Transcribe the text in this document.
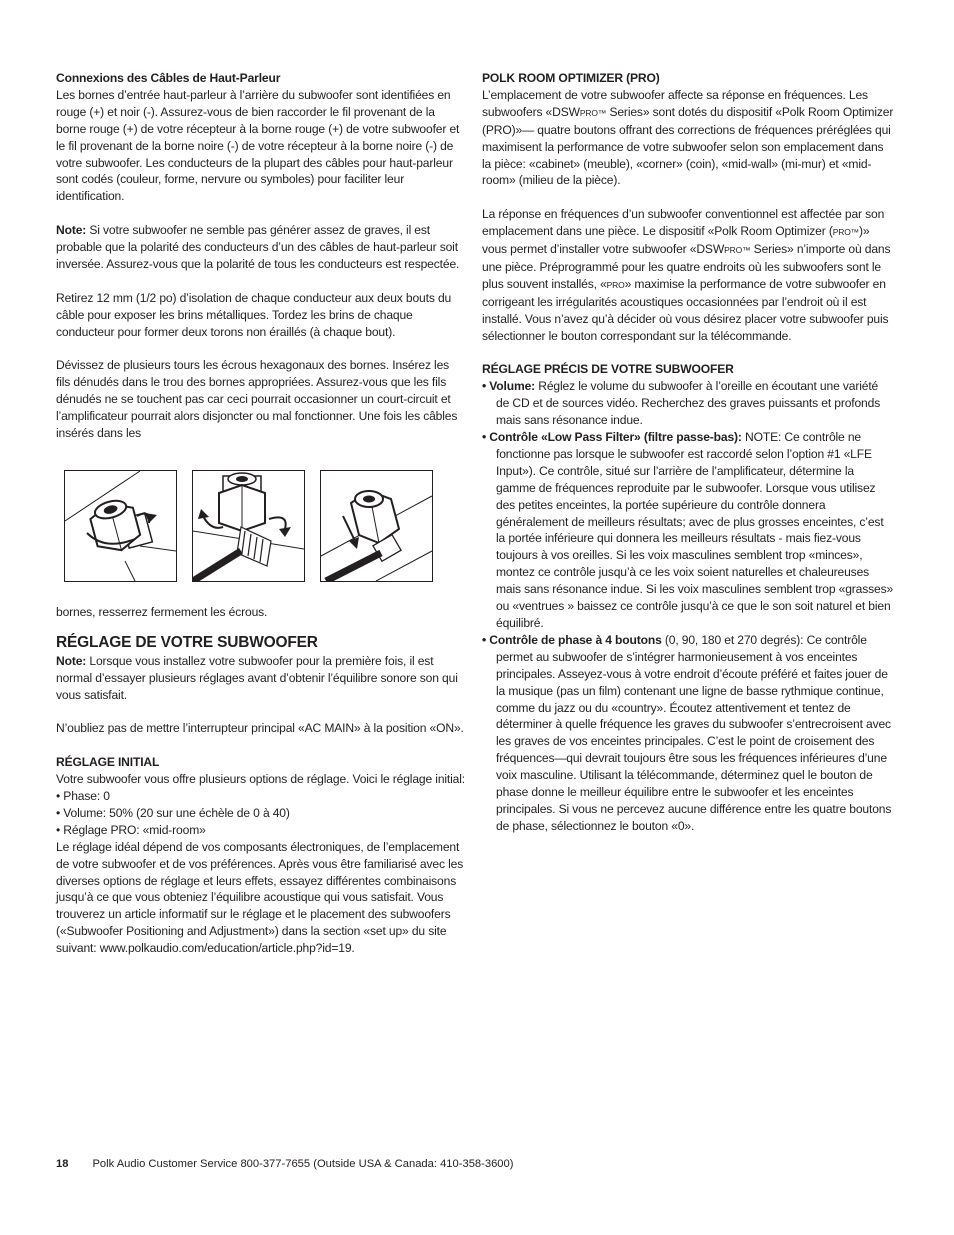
Connexions des Câbles de Haut-Parleur

Les bornes d’entrée haut-parleur à l’arrière du subwoofer sont identifiées en rouge (+) et noir (-). Assurez-vous de bien raccorder le fil provenant de la borne rouge (+) de votre récepteur à la borne rouge (+) de votre subwoofer et le fil provenant de la borne noire (-) de votre récepteur à la borne noire (-) de votre subwoofer. Les conducteurs de la plupart des câbles pour haut-parleur sont codés (couleur, forme, nervure ou symboles) pour faciliter leur identification.

Note: Si votre subwoofer ne semble pas générer assez de graves, il est probable que la polarité des conducteurs d’un des câbles de haut-parleur soit inversée. Assurez-vous que la polarité de tous les conducteurs est respectée.

Retirez 12 mm (1/2 po) d’isolation de chaque conducteur aux deux bouts du câble pour exposer les brins métalliques. Tordez les brins de chaque conducteur pour former deux torons non éraillés (à chaque bout).

Dévissez de plusieurs tours les écrous hexagonaux des bornes. Insérez les fils dénudés dans le trou des bornes appropriées. Assurez-vous que les fils dénudés ne se touchent pas car ceci pourrait occasionner un court-circuit et l’amplificateur pourrait alors disjoncter ou mal fonctionner. Une fois les câbles insérés dans les

bornes, resserrez fermement les écrous.

RÉGLAGE DE VOTRE SUBWOOFER

Note: Lorsque vous installez votre subwoofer pour la première fois, il est normal d’essayer plusieurs réglages avant d’obtenir l’équilibre sonore son qui vous satisfait.

N’oubliez pas de mettre l’interrupteur principal «AC MAIN» à la position «ON».

RÉGLAGE INITIAL

Votre subwoofer vous offre plusieurs options de réglage. Voici le réglage initial:

• Phase: 0

• Volume: 50% (20 sur une échèle de 0 à 40)

• Réglage PRO: «mid-room»

Le réglage idéal dépend de vos composants électroniques, de l’emplacement de votre subwoofer et de vos préférences. Après vous être familiarisé avec les diverses options de réglage et leurs effets, essayez différentes combinaisons jusqu’à ce que vous obteniez l’équilibre acoustique qui vous satisfait. Vous trouverez un article informatif sur le réglage et le placement des subwoofers («Subwoofer Positioning and Adjustment») dans la section «set up» du site suivant: www.polkaudio.com/education/article.php?id=19.

POLK ROOM OPTIMIZER (PRO)

L’emplacement de votre subwoofer affecte sa réponse en fréquences. Les subwoofers «DSWPRO™ Series» sont dotés du dispositif «Polk Room Optimizer (PRO)»— quatre boutons offrant des corrections de fréquences préréglées qui maximisent la performance de votre subwoofer selon son emplacement dans la pièce: «cabinet» (meuble), «corner» (coin), «mid-wall» (mi-mur) et «mid-room» (milieu de la pièce).

La réponse en fréquences d’un subwoofer conventionnel est affectée par son emplacement dans une pièce. Le dispositif «Polk Room Optimizer (PRO™)» vous permet d’installer votre subwoofer «DSWPRO™ Series» n’importe où dans une pièce. Préprogrammé pour les quatre endroits où les subwoofers sont le plus souvent installés, «PRO» maximise la performance de votre subwoofer en corrigeant les irrégularités acoustiques occasionnées par l’endroit où il est installé. Vous n’avez qu’à décider où vous désirez placer votre subwoofer puis sélectionner le bouton correspondant sur la télécommande.

RÉGLAGE PRÉCIS DE VOTRE SUBWOOFER

• Volume: Réglez le volume du subwoofer à l’oreille en écoutant une variété de CD et de sources vidéo. Recherchez des graves puissants et profonds mais sans résonance indue.

• Contrôle «Low Pass Filter» (filtre passe-bas): NOTE: Ce contrôle ne fonctionne pas lorsque le subwoofer est raccordé selon l’option #1 «LFE Input»). Ce contrôle, situé sur l’arrière de l’amplificateur, détermine la gamme de fréquences reproduite par le subwoofer. Lorsque vous utilisez des petites enceintes, la portée supérieure du contrôle donnera généralement de meilleurs résultats; avec de plus grosses enceintes, c’est la portée inférieure qui donnera les meilleurs résultats - mais fiez-vous toujours à vos oreilles. Si les voix masculines semblent trop «minces», montez ce contrôle jusqu’à ce les voix soient naturelles et chaleureuses mais sans résonance indue. Si les voix masculines semblent trop «grasses» ou «ventrues » baissez ce contrôle jusqu’à ce que le son soit naturel et bien équilibré.

• Contrôle de phase à 4 boutons (0, 90, 180 et 270 degrés): Ce contrôle permet au subwoofer de s’intégrer harmonieusement à vos enceintes principales. Asseyez-vous à votre endroit d’écoute préféré et faites jouer de la musique (pas un film) contenant une ligne de basse rythmique continue, comme du jazz ou du «country». Écoutez attentivement et tentez de déterminer à quelle fréquence les graves du subwoofer s’entrecroisent avec les graves de vos enceintes principales. C’est le point de croisement des fréquences—qui devrait toujours être sous les fréquences inférieures d’une voix masculine. Utilisant la télécommande, déterminez quel le bouton de phase donne le meilleur équilibre entre le subwoofer et les enceintes principales. Si vous ne percevez aucune différence entre les quatre boutons de phase, sélectionnez le bouton «0».

18 Polk Audio Customer Service 800-377-7655 (Outside USA & Canada: 410-358-3600)
